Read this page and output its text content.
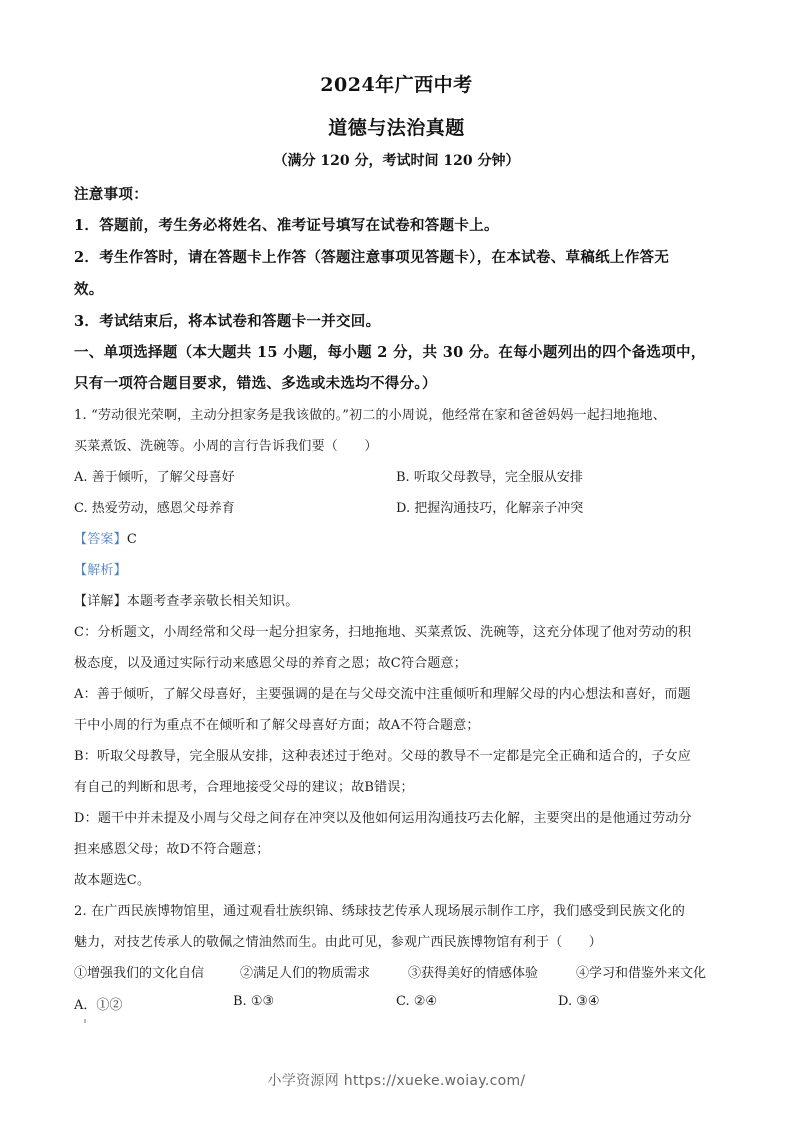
2024年广西中考
道德与法治真题
（满分 120 分，考试时间 120 分钟）
注意事项：
1．答题前，考生务必将姓名、准考证号填写在试卷和答题卡上。
2．考生作答时，请在答题卡上作答（答题注意事项见答题卡），在本试卷、草稿纸上作答无
效。
3．考试结束后，将本试卷和答题卡一并交回。
一、单项选择题（本大题共 15 小题，每小题 2 分，共 30 分。在每小题列出的四个备选项中，
只有一项符合题目要求，错选、多选或未选均不得分。）
1. “劳动很光荣啊，主动分担家务是我该做的。”初二的小周说，他经常在家和爸爸妈妈一起扫地拖地、
买菜煮饭、洗碗等。小周的言行告诉我们要（　　）
A. 善于倾听，了解父母喜好	B. 听取父母教导，完全服从安排
C. 热爱劳动，感恩父母养育	D. 把握沟通技巧，化解亲子冲突
【答案】C
【解析】
【详解】本题考查孝亲敬长相关知识。
C：分析题文，小周经常和父母一起分担家务，扫地拖地、买菜煮饭、洗碗等，这充分体现了他对劳动的积
极态度，以及通过实际行动来感恩父母的养育之恩；故C符合题意；
A：善于倾听，了解父母喜好，主要强调的是在与父母交流中注重倾听和理解父母的内心想法和喜好，而题
干中小周的行为重点不在倾听和了解父母喜好方面；故A不符合题意；
B：听取父母教导，完全服从安排，这种表述过于绝对。父母的教导不一定都是完全正确和适合的，子女应
有自己的判断和思考，合理地接受父母的建议；故B错误；
D：题干中并未提及小周与父母之间存在冲突以及他如何运用沟通技巧去化解，主要突出的是他通过劳动分
担来感恩父母；故D不符合题意；
故本题选C。
2. 在广西民族博物馆里，通过观看壮族织锦、绣球技艺传承人现场展示制作工序，我们感受到民族文化的
魅力，对技艺传承人的敬佩之情油然而生。由此可见，参观广西民族博物馆有利于（　　）
①增强我们的文化自信	②满足人们的物质需求	③获得美好的情感体验	④学习和借鉴外来文化
A．①②	B. ①③	C. ②④	D. ③④
小学资源网 https://xueke.woiay.com/
